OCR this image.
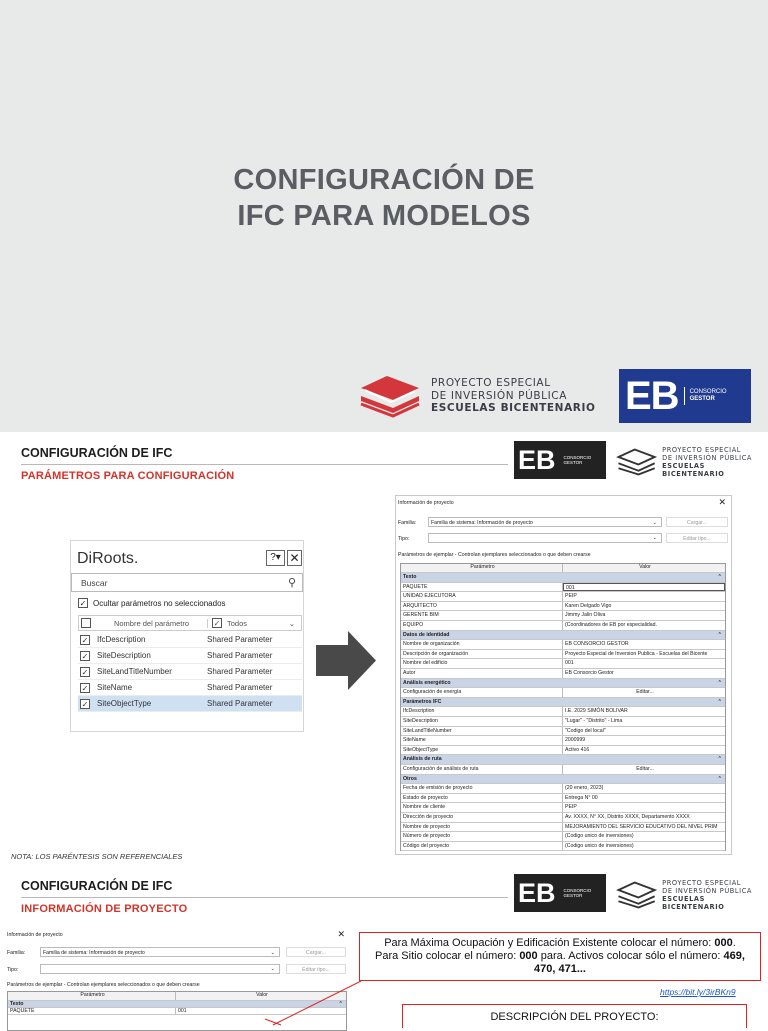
CONFIGURACIÓN DE
IFC PARA MODELOS
PROYECTO ESPECIAL
DE INVERSIÓN PÚBLICA
ESCUELAS BICENTENARIO EB CONSORCIO
GESTOR
CONFIGURACIÓN DE IFC
PARÁMETROS PARA CONFIGURACIÓN
EB CONSORCIO
GESTOR
PROYECTO ESPECIAL
DE INVERSIÓN PÚBLICA
ESCUELAS BICENTENARIO
DiRoots.	?▾ ✕
Buscar	⚲
✓ Ocultar parámetros no seleccionados
Nombre del parámetro	✓ Todos	⌄
✓ IfcDescription	Shared Parameter
✓ SiteDescription	Shared Parameter
✓ SiteLandTitleNumber	Shared Parameter
✓ SiteName	Shared Parameter
✓ SiteObjectType	Shared Parameter
Información de proyecto	✕
Familia:	Familia de sistema: Información de proyecto	⌄	Cargar...
Tipo:	⌄	Editar tipo...
Parámetros de ejemplar - Controlan ejemplares seleccionados o que deben crearse
Parámetro	Valor
Texto	⌃
PAQUETE	001
UNIDAD EJECUTORA	PEIP
ARQUITECTO	Karen Delgado Vigo
GERENTE BIM	Jimmy Jalin Oliva
EQUIPO	(Coordinadores de EB por especialidad.
Datos de identidad	⌃
Nombre de organización	EB CONSORCIO GESTOR
Descripción de organización	Proyecto Especial de Inversion Publica - Escuelas del Bicente
Nombre del edificio	001
Autor	EB Consorcio Gestor
Análisis energético	⌃
Configuración de energía	Editar...
Parámetros IFC	⌃
IfcDescription	I.E. 2029 SIMÓN BOLIVAR
SiteDescription	"Lugar" - "Distrito" - Lima
SiteLandTitleNumber	"Codigo del local"
SiteName	2000999
SiteObjectType	Activo 416
Análisis de ruta	⌃
Configuración de análisis de ruta	Editar...
Otros	⌃
Fecha de emisión de proyecto	(20 enero, 2023)
Estado de proyecto	Entrega N° 00
Nombre de cliente	PEIP
Dirección de proyecto	Av. XXXX, N° XX, Distrito XXXX, Departamento XXXX
Nombre de proyecto	MEJORAMIENTO DEL SERVICIO EDUCATIVO DEL NIVEL PRIM
Número de proyecto	(Codigo unico de inversiones)
Código del proyecto	(Codigo unico de inversiones)
NOTA: LOS PARÉNTESIS SON REFERENCIALES
CONFIGURACIÓN DE IFC
INFORMACIÓN DE PROYECTO
EB CONSORCIO
GESTOR
PROYECTO ESPECIAL
DE INVERSIÓN PÚBLICA
ESCUELAS BICENTENARIO
Información de proyecto	✕
Familia:	Familia de sistema: Información de proyecto	⌄	Cargar...
Tipo:	⌄	Editar tipo...
Parámetros de ejemplar - Controlan ejemplares seleccionados o que deben crearse
Parámetro	Valor
Texto	⌃
PAQUETE	001
Para Máxima Ocupación y Edificación Existente colocar el número: 000.
Para Sitio colocar el número: 000 para. Activos colocar sólo el número: 469,
470, 471...
https://bit.ly/3irBKn9
DESCRIPCIÓN DEL PROYECTO:
